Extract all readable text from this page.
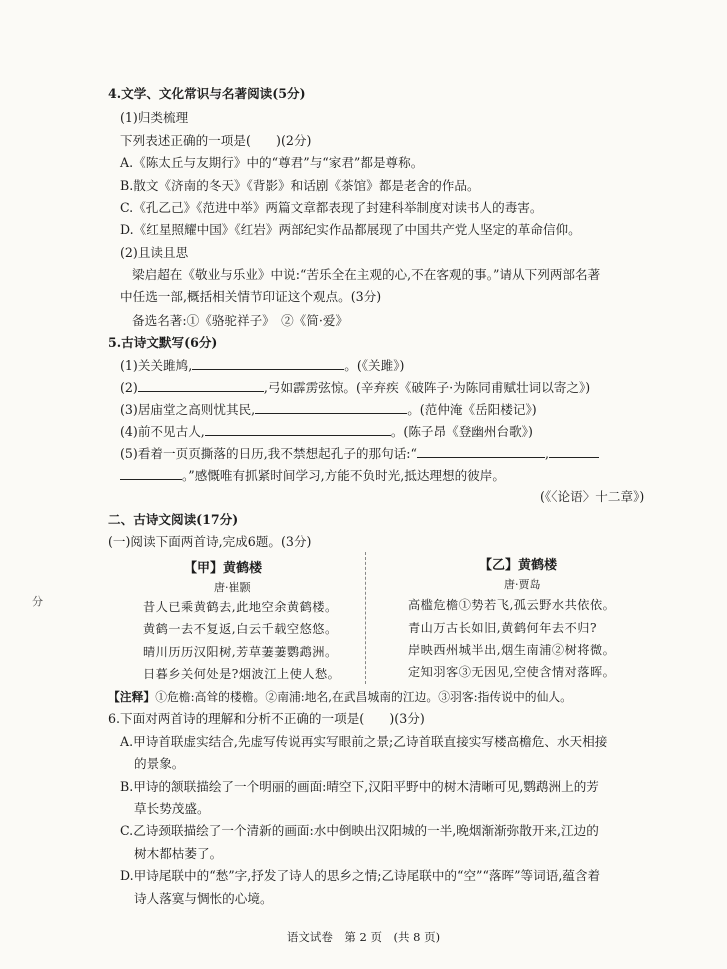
4.文学、文化常识与名著阅读(5分)
(1)归类梳理
下列表述正确的一项是(　　)(2分)
A.《陈太丘与友期行》中的“尊君”与“家君”都是尊称。
B.散文《济南的冬天》《背影》和话剧《茶馆》都是老舍的作品。
C.《孔乙己》《范进中举》两篇文章都表现了封建科举制度对读书人的毒害。
D.《红星照耀中国》《红岩》两部纪实作品都展现了中国共产党人坚定的革命信仰。
(2)且读且思
梁启超在《敬业与乐业》中说:“苦乐全在主观的心,不在客观的事。”请从下列两部名著
中任选一部,概括相关情节印证这个观点。(3分)
备选名著:①《骆驼祥子》　②《简·爱》
5.古诗文默写(6分)
(1)关关雎鸠,	。(《关雎》)
(2)	,弓如霹雳弦惊。(辛弃疾《破阵子·为陈同甫赋壮词以寄之》)
(3)居庙堂之高则忧其民,	。(范仲淹《岳阳楼记》)
(4)前不见古人,	。(陈子昂《登幽州台歌》)
(5)看着一页页撕落的日历,我不禁想起孔子的那句话:“	,
。”感慨唯有抓紧时间学习,方能不负时光,抵达理想的彼岸。
(《〈论语〉十二章》)
二、古诗文阅读(17分)
(一)阅读下面两首诗,完成6题。(3分)
【甲】黄鹤楼
唐·崔颢
昔人已乘黄鹤去,此地空余黄鹤楼。
黄鹤一去不复返,白云千载空悠悠。
晴川历历汉阳树,芳草萋萋鹦鹉洲。
日暮乡关何处是?烟波江上使人愁。
【乙】黄鹤楼
唐·贾岛
高槛危檐①势若飞,孤云野水共依依。
青山万古长如旧,黄鹤何年去不归?
岸映西州城半出,烟生南浦②树将微。
定知羽客③无因见,空使含情对落晖。
【注释】①危檐:高耸的楼檐。②南浦:地名,在武昌城南的江边。③羽客:指传说中的仙人。
6.下面对两首诗的理解和分析不正确的一项是(　　)(3分)
A.甲诗首联虚实结合,先虚写传说再实写眼前之景;乙诗首联直接实写楼高檐危、水天相接
的景象。
B.甲诗的颔联描绘了一个明丽的画面:晴空下,汉阳平野中的树木清晰可见,鹦鹉洲上的芳
草长势茂盛。
C.乙诗颈联描绘了一个清新的画面:水中倒映出汉阳城的一半,晚烟渐渐弥散开来,江边的
树木都枯萎了。
D.甲诗尾联中的“愁”字,抒发了诗人的思乡之情;乙诗尾联中的“空”“落晖”等词语,蕴含着
诗人落寞与惆怅的心境。
分
语文试卷　第 2 页　(共 8 页)
